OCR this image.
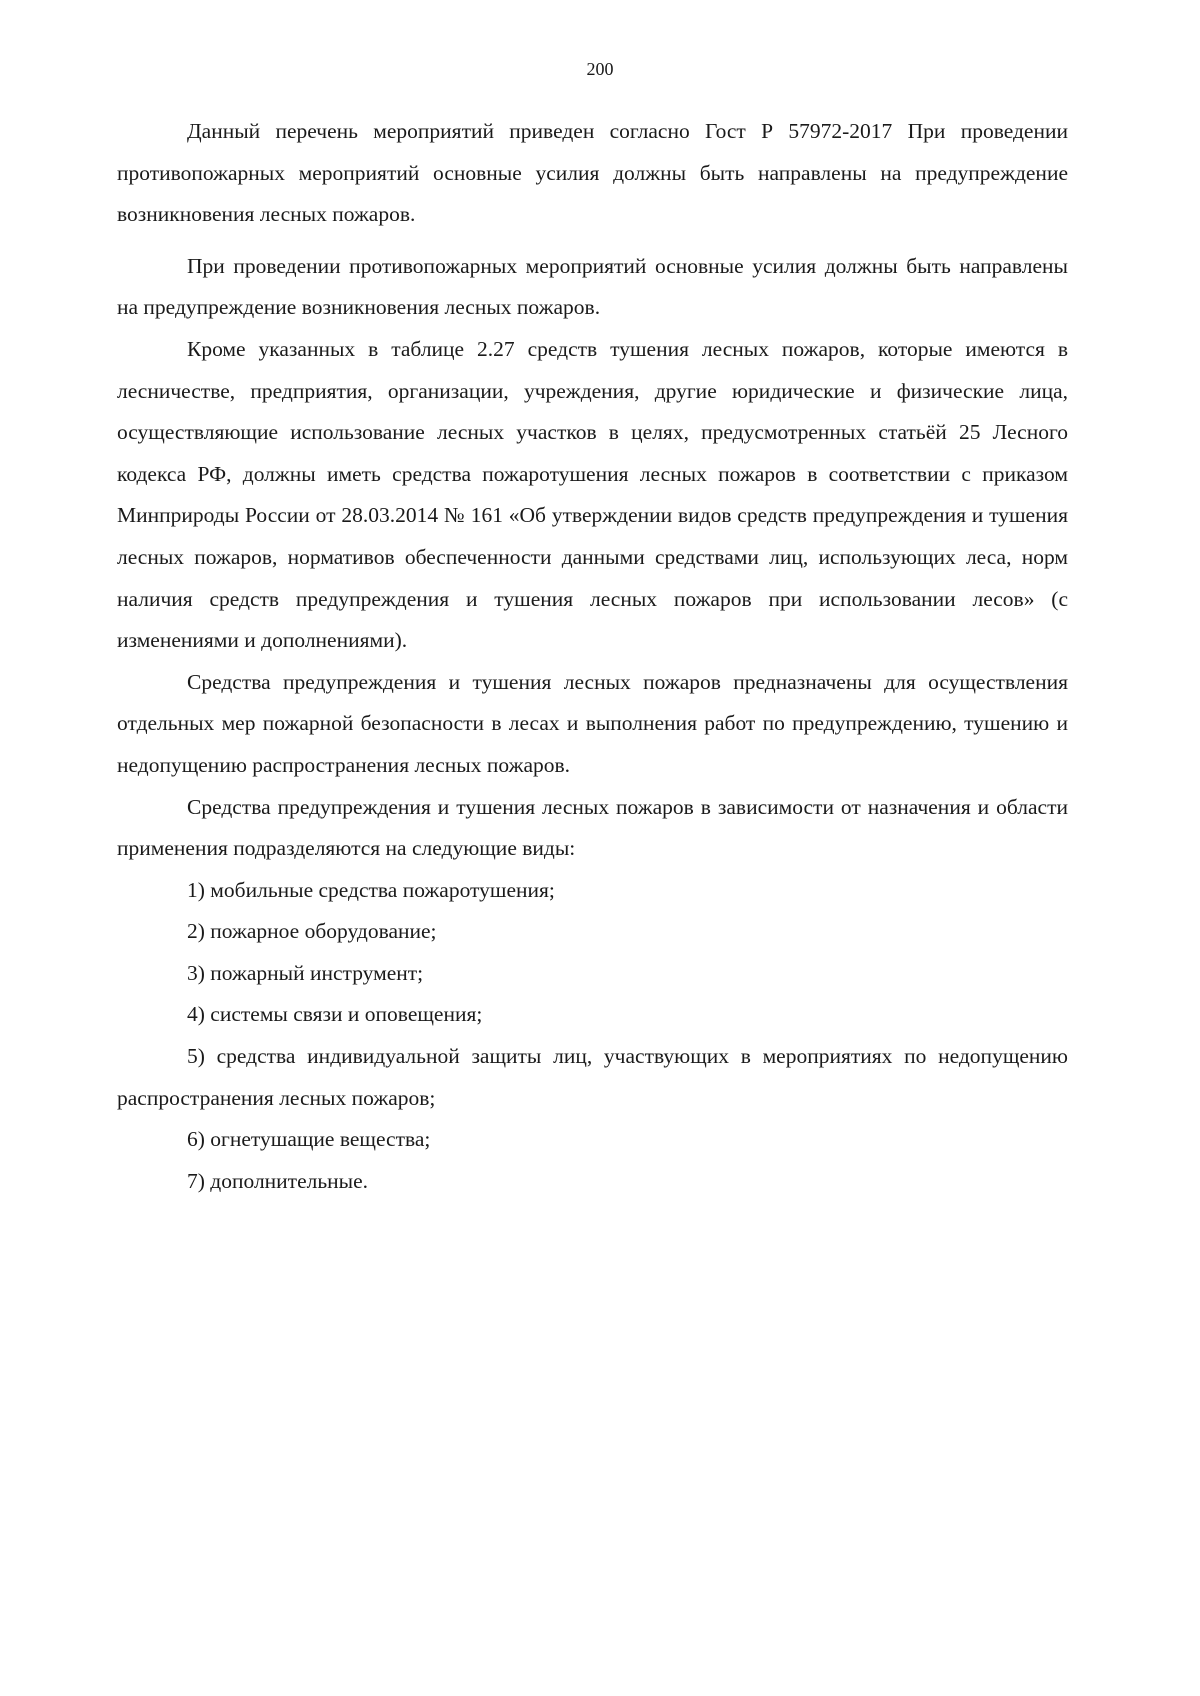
200

Данный перечень мероприятий приведен согласно Гост Р 57972-2017 При проведении противопожарных мероприятий основные усилия должны быть направлены на предупреждение возникновения лесных пожаров.

При проведении противопожарных мероприятий основные усилия должны быть направлены на предупреждение возникновения лесных пожаров.

Кроме указанных в таблице 2.27 средств тушения лесных пожаров, которые имеются в лесничестве, предприятия, организации, учреждения, другие юридические и физические лица, осуществляющие использование лесных участков в целях, предусмотренных статьёй 25 Лесного кодекса РФ, должны иметь средства пожаротушения лесных пожаров в соответствии с приказом Минприроды России от 28.03.2014 № 161 «Об утверждении видов средств предупреждения и тушения лесных пожаров, нормативов обеспеченности данными средствами лиц, использующих леса, норм наличия средств предупреждения и тушения лесных пожаров при использовании лесов» (с изменениями и дополнениями).

Средства предупреждения и тушения лесных пожаров предназначены для осуществления отдельных мер пожарной безопасности в лесах и выполнения работ по предупреждению, тушению и недопущению распространения лесных пожаров.

Средства предупреждения и тушения лесных пожаров в зависимости от назначения и области применения подразделяются на следующие виды:

1) мобильные средства пожаротушения;

2) пожарное оборудование;

3) пожарный инструмент;

4) системы связи и оповещения;

5) средства индивидуальной защиты лиц, участвующих в мероприятиях по недопущению распространения лесных пожаров;

6) огнетушащие вещества;

7) дополнительные.
